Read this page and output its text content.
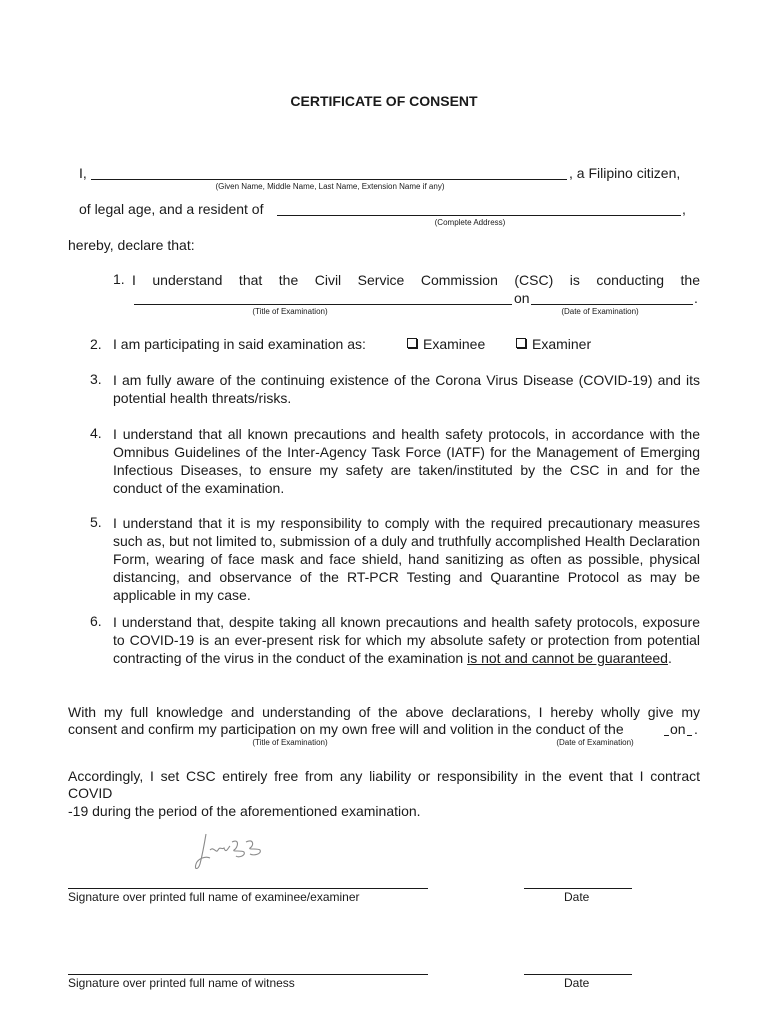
CERTIFICATE OF CONSENT
I,	, a Filipino citizen,
(Given Name, Middle Name, Last Name, Extension Name if any)
of legal age, and a resident of	,
(Complete Address)
hereby, declare that:
1. I understand that the Civil Service Commission (CSC) is conducting the
on	.
(Title of Examination)	(Date of Examination)
2. I am participating in said examination as:	Examinee	Examiner
3. I am fully aware of the continuing existence of the Corona Virus Disease (COVID-19) and its potential health threats/risks.
4. I understand that all known precautions and health safety protocols, in accordance with the Omnibus Guidelines of the Inter-Agency Task Force (IATF) for the Management of Emerging Infectious Diseases, to ensure my safety are taken/instituted by the CSC in and for the conduct of the examination.
5. I understand that it is my responsibility to comply with the required precautionary measures such as, but not limited to, submission of a duly and truthfully accomplished Health Declaration Form, wearing of face mask and face shield, hand sanitizing as often as possible, physical distancing, and observance of the RT-PCR Testing and Quarantine Protocol as may be applicable in my case.
6. I understand that, despite taking all known precautions and health safety protocols, exposure to COVID-19 is an ever-present risk for which my absolute safety or protection from potential contracting of the virus in the conduct of the examination is not and cannot be guaranteed.
With my full knowledge and understanding of the above declarations, I hereby wholly give my
consent and confirm my participation on my own free will and volition in the conduct of the	on .
(Title of Examination)	(Date of Examination)
Accordingly, I set CSC entirely free from any liability or responsibility in the event that I contract
COVID
-19 during the period of the aforementioned examination.
Signature over printed full name of examinee/examiner	Date
Signature over printed full name of witness	Date
